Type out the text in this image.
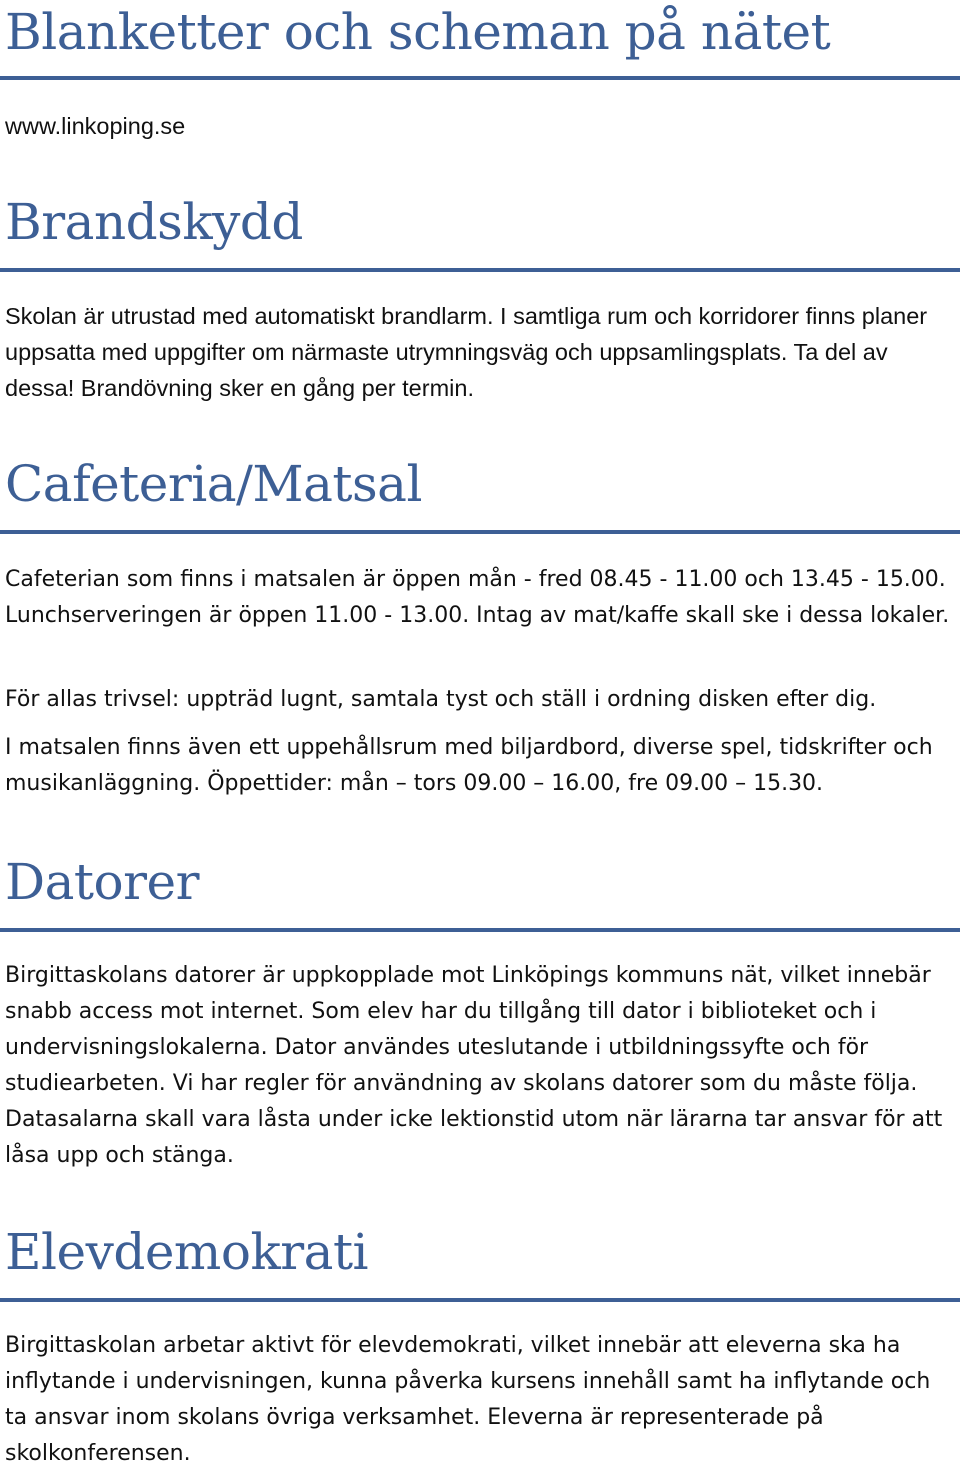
Blanketter och scheman på nätet

www.linkoping.se

Brandskydd

Skolan är utrustad med automatiskt brandlarm. I samtliga rum och korridorer finns planer uppsatta med uppgifter om närmaste utrymningsväg och uppsamlingsplats. Ta del av dessa! Brandövning sker en gång per termin.

Cafeteria/Matsal

Cafeterian som finns i matsalen är öppen mån - fred 08.45 - 11.00 och 13.45 - 15.00. Lunchserveringen är öppen 11.00 - 13.00. Intag av mat/kaffe skall ske i dessa lokaler.

För allas trivsel: uppträd lugnt, samtala tyst och ställ i ordning disken efter dig.

I matsalen finns även ett uppehållsrum med biljardbord, diverse spel, tidskrifter och musikanläggning. Öppettider: mån – tors 09.00 – 16.00, fre 09.00 – 15.30.

Datorer

Birgittaskolans datorer är uppkopplade mot Linköpings kommuns nät, vilket innebär snabb access mot internet. Som elev har du tillgång till dator i biblioteket och i undervisningslokalerna. Dator användes uteslutande i utbildningssyfte och för studiearbeten. Vi har regler för användning av skolans datorer som du måste följa. Datasalarna skall vara låsta under icke lektionstid utom när lärarna tar ansvar för att låsa upp och stänga.

Elevdemokrati

Birgittaskolan arbetar aktivt för elevdemokrati, vilket innebär att eleverna ska ha inflytande i undervisningen, kunna påverka kursens innehåll samt ha inflytande och ta ansvar inom skolans övriga verksamhet. Eleverna är representerade på skolkonferensen.
